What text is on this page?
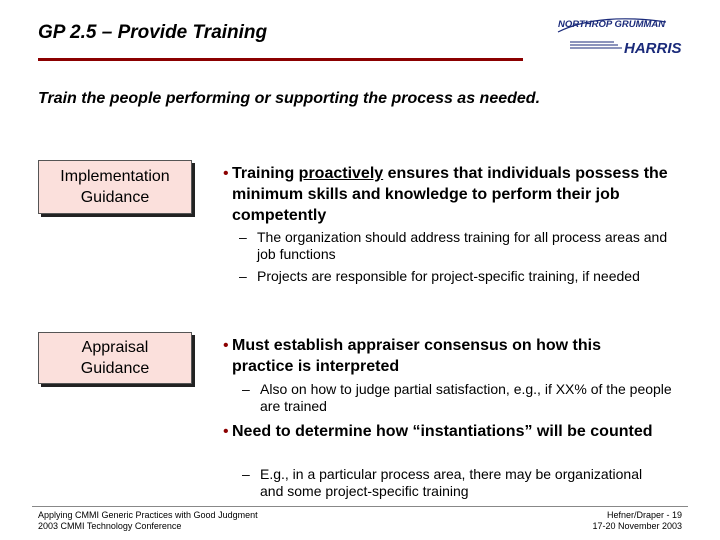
GP 2.5 – Provide Training	NORTHROP GRUMMAN
HARRIS
Train the people performing or supporting the process as needed.
Implementation
Guidance
• Training proactively ensures that individuals possess the minimum skills and knowledge to perform their job competently
– The organization should address training for all process areas and job functions
– Projects are responsible for project-specific training, if needed
Appraisal
Guidance
• Must establish appraiser consensus on how this practice is interpreted
– Also on how to judge partial satisfaction, e.g., if XX% of the people are trained
• Need to determine how “instantiations” will be counted
– E.g., in a particular process area, there may be organizational and some project-specific training
Applying CMMI Generic Practices with Good Judgment
2003 CMMI Technology Conference
Hefner/Draper - 19
17-20 November 2003
